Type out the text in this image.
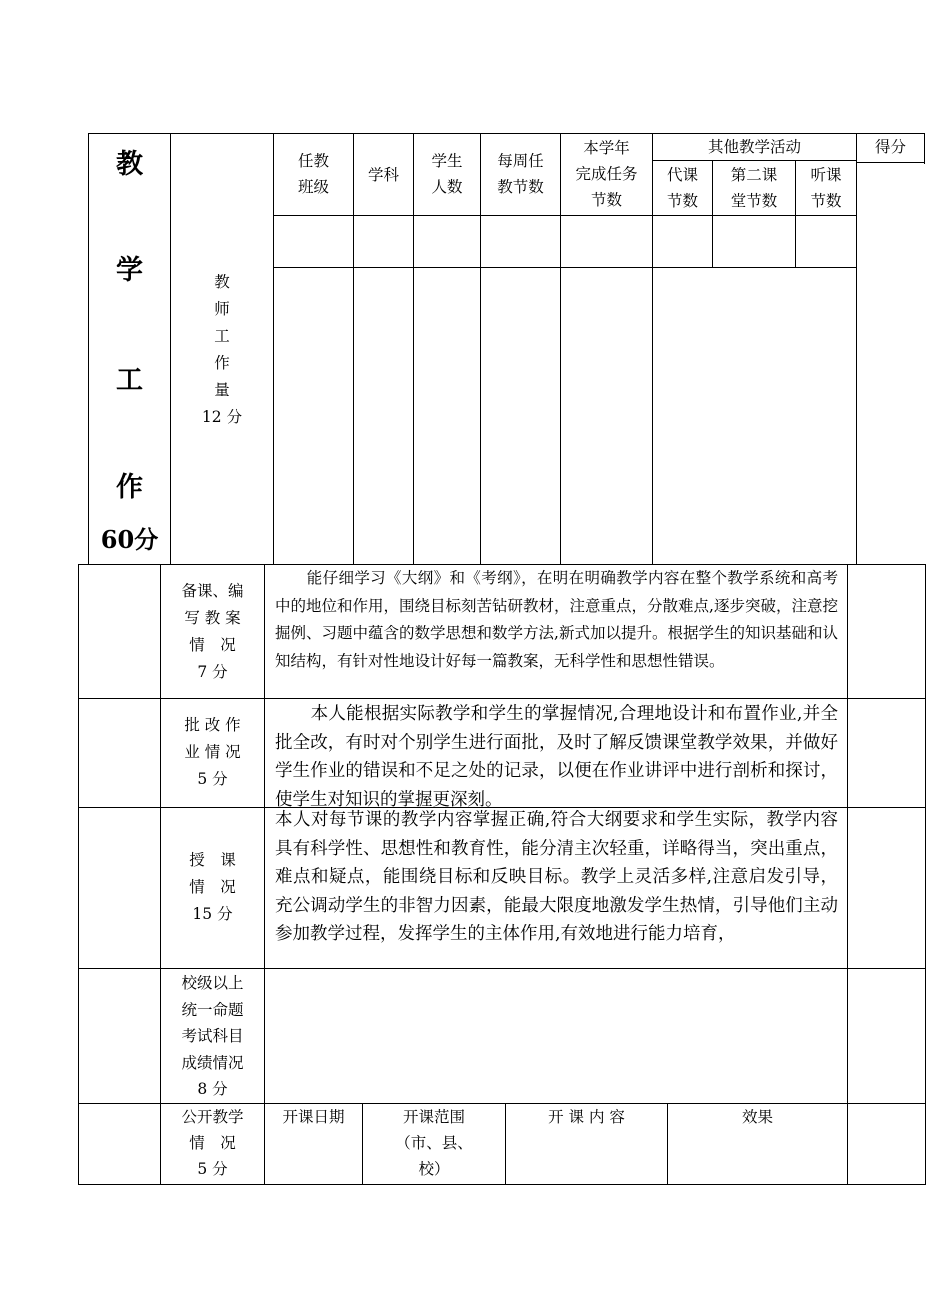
教
学
工
作
60分
教
师
工
作
量
12 分
任教
班级
学科
学生
人数
每周任
教节数
本学年
完成任务
节数
其他教学活动
代课
节数
第二课
堂节数
听课
节数
得分
备课、编
写 教 案
情　况
7 分
　　能仔细学习《大纲》和《考纲》，在明在明确教学内容在整个教学系统和高考中的地位和作用，围绕目标刻苦钻研教材，注意重点，分散难点,逐步突破，注意挖掘例、习题中蕴含的数学思想和数学方法,新式加以提升。根据学生的知识基础和认知结构，有针对性地设计好每一篇教案，无科学性和思想性错误。
批 改 作
业 情 况
5 分
　　本人能根据实际教学和学生的掌握情况,合理地设计和布置作业,并全批全改，有时对个别学生进行面批，及时了解反馈课堂教学效果，并做好学生作业的错误和不足之处的记录，以便在作业讲评中进行剖析和探讨，使学生对知识的掌握更深刻。
授　课
情　况
15 分
本人对每节课的教学内容掌握正确,符合大纲要求和学生实际，教学内容具有科学性、思想性和教育性，能分清主次轻重，详略得当，突出重点，难点和疑点，能围绕目标和反映目标。教学上灵活多样,注意启发引导，充公调动学生的非智力因素，能最大限度地激发学生热情，引导他们主动参加教学过程，发挥学生的主体作用,有效地进行能力培育，
校级以上
统一命题
考试科目
成绩情况
8 分
公开教学
情　况
5 分
开课日期	开课范围
（市、县、
校）
开 课 内 容	效果
